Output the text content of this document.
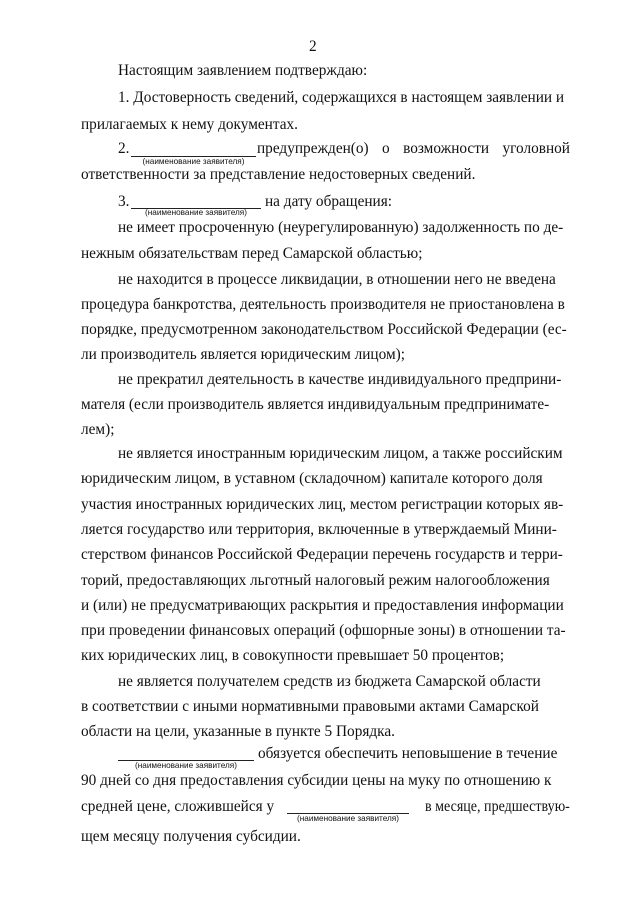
2
Настоящим заявлением подтверждаю:
1. Достоверность сведений, содержащихся в настоящем заявлении и
прилагаемых к нему документах.
2.
(наименование заявителя)
предупрежден(о) о возможности уголовной
ответственности за представление недостоверных сведений.
3.
(наименование заявителя)
на дату обращения:
не имеет просроченную (неурегулированную) задолженность по де-
нежным обязательствам перед Самарской областью;
не находится в процессе ликвидации, в отношении него не введена
процедура банкротства, деятельность производителя не приостановлена в
порядке, предусмотренном законодательством Российской Федерации (ес-
ли производитель является юридическим лицом);
не прекратил деятельность в качестве индивидуального предприни-
мателя (если производитель является индивидуальным предпринимате-
лем);
не является иностранным юридическим лицом, а также российским
юридическим лицом, в уставном (складочном) капитале которого доля
участия иностранных юридических лиц, местом регистрации которых яв-
ляется государство или территория, включенные в утверждаемый Мини-
стерством финансов Российской Федерации перечень государств и терри-
торий, предоставляющих льготный налоговый режим налогообложения
и (или) не предусматривающих раскрытия и предоставления информации
при проведении финансовых операций (офшорные зоны) в отношении та-
ких юридических лиц, в совокупности превышает 50 процентов;
не является получателем средств из бюджета Самарской области
в соответствии с иными нормативными правовыми актами Самарской
области на цели, указанные в пункте 5 Порядка.
(наименование заявителя)
обязуется обеспечить неповышение в течение
90 дней со дня предоставления субсидии цены на муку по отношению к
средней цене, сложившейся у
(наименование заявителя)
в месяце, предшествую-
щем месяцу получения субсидии.
